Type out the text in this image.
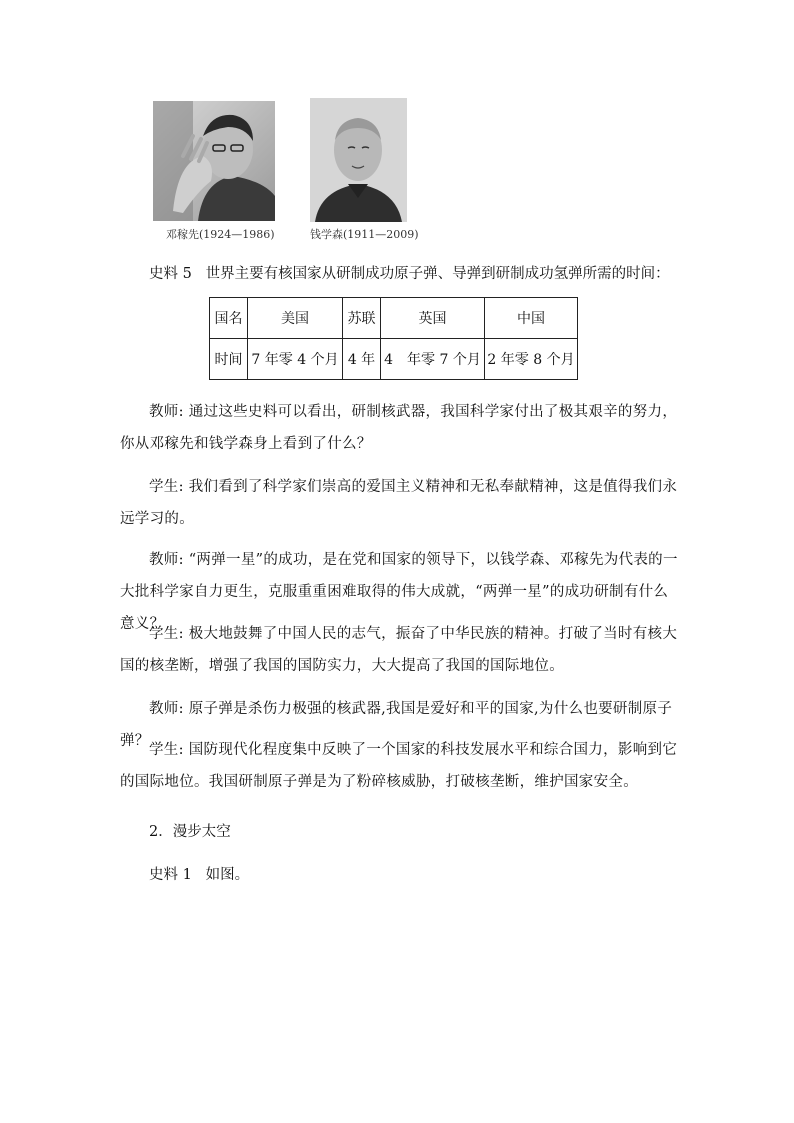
邓稼先(1924—1986)	钱学森(1911—2009)
史料 5 世界主要有核国家从研制成功原子弹、导弹到研制成功氢弹所需的时间：
国名	美国	苏联	英国	中国
时间	7 年零 4 个月	4 年	4　年零 7 个月	2 年零 8 个月
教师: 通过这些史料可以看出，研制核武器，我国科学家付出了极其艰辛的努力，你从邓稼先和钱学森身上看到了什么？
学生: 我们看到了科学家们崇高的爱国主义精神和无私奉献精神，这是值得我们永远学习的。
教师: “两弹一星”的成功，是在党和国家的领导下，以钱学森、邓稼先为代表的一大批科学家自力更生，克服重重困难取得的伟大成就，“两弹一星”的成功研制有什么意义？
学生: 极大地鼓舞了中国人民的志气，振奋了中华民族的精神。打破了当时有核大国的核垄断，增强了我国的国防实力，大大提高了我国的国际地位。
教师: 原子弹是杀伤力极强的核武器,我国是爱好和平的国家,为什么也要研制原子弹？
学生: 国防现代化程度集中反映了一个国家的科技发展水平和综合国力，影响到它的国际地位。我国研制原子弹是为了粉碎核威胁，打破核垄断，维护国家安全。
2．漫步太空
史料 1 如图。
